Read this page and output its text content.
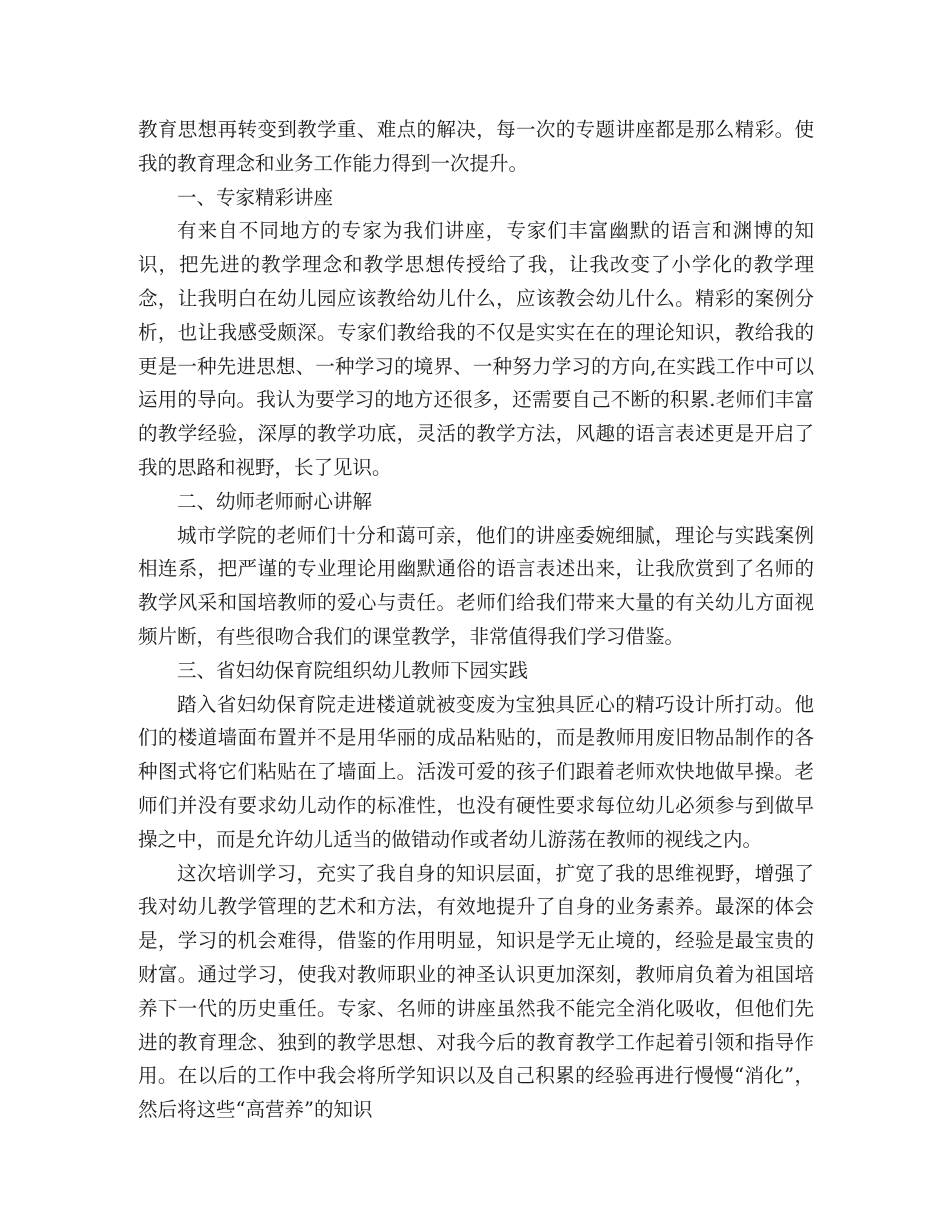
教育思想再转变到教学重、难点的解决，每一次的专题讲座都是那么精彩。使我的教育理念和业务工作能力得到一次提升。

一、专家精彩讲座

有来自不同地方的专家为我们讲座，专家们丰富幽默的语言和渊博的知识，把先进的教学理念和教学思想传授给了我，让我改变了小学化的教学理念，让我明白在幼儿园应该教给幼儿什么，应该教会幼儿什么。精彩的案例分析，也让我感受颇深。专家们教给我的不仅是实实在在的理论知识，教给我的更是一种先进思想、一种学习的境界、一种努力学习的方向,在实践工作中可以运用的导向。我认为要学习的地方还很多，还需要自己不断的积累.老师们丰富的教学经验，深厚的教学功底，灵活的教学方法，风趣的语言表述更是开启了我的思路和视野，长了见识。

二、幼师老师耐心讲解

城市学院的老师们十分和蔼可亲，他们的讲座委婉细腻，理论与实践案例相连系，把严谨的专业理论用幽默通俗的语言表述出来，让我欣赏到了名师的教学风采和国培教师的爱心与责任。老师们给我们带来大量的有关幼儿方面视频片断，有些很吻合我们的课堂教学，非常值得我们学习借鉴。

三、省妇幼保育院组织幼儿教师下园实践

踏入省妇幼保育院走进楼道就被变废为宝独具匠心的精巧设计所打动。他们的楼道墙面布置并不是用华丽的成品粘贴的，而是教师用废旧物品制作的各种图式将它们粘贴在了墙面上。活泼可爱的孩子们跟着老师欢快地做早操。老师们并没有要求幼儿动作的标准性，也没有硬性要求每位幼儿必须参与到做早操之中，而是允许幼儿适当的做错动作或者幼儿游荡在教师的视线之内。

这次培训学习，充实了我自身的知识层面，扩宽了我的思维视野，增强了我对幼儿教学管理的艺术和方法，有效地提升了自身的业务素养。最深的体会是，学习的机会难得，借鉴的作用明显，知识是学无止境的，经验是最宝贵的财富。通过学习，使我对教师职业的神圣认识更加深刻，教师肩负着为祖国培养下一代的历史重任。专家、名师的讲座虽然我不能完全消化吸收，但他们先进的教育理念、独到的教学思想、对我今后的教育教学工作起着引领和指导作用。在以后的工作中我会将所学知识以及自己积累的经验再进行慢慢“消化”，然后将这些“高营养”的知识
